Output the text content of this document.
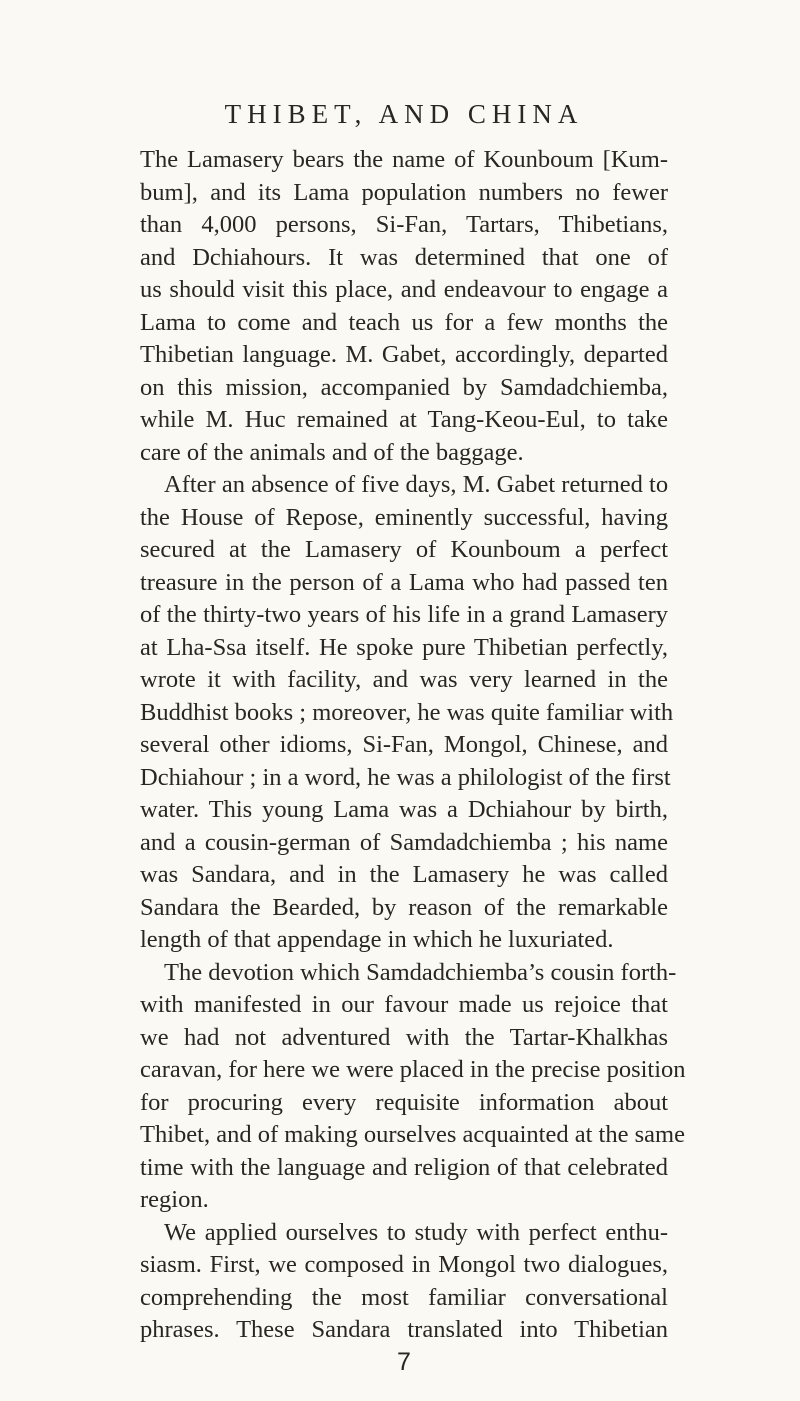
THIBET, AND CHINA
The Lamasery bears the name of Kounboum [Kum-
bum], and its Lama population numbers no fewer
than 4,000 persons, Si-Fan, Tartars, Thibetians,
and Dchiahours. It was determined that one of
us should visit this place, and endeavour to engage a
Lama to come and teach us for a few months the
Thibetian language. M. Gabet, accordingly, departed
on this mission, accompanied by Samdadchiemba,
while M. Huc remained at Tang-Keou-Eul, to take
care of the animals and of the baggage.
After an absence of five days, M. Gabet returned to
the House of Repose, eminently successful, having
secured at the Lamasery of Kounboum a perfect
treasure in the person of a Lama who had passed ten
of the thirty-two years of his life in a grand Lamasery
at Lha-Ssa itself. He spoke pure Thibetian perfectly,
wrote it with facility, and was very learned in the
Buddhist books ; moreover, he was quite familiar with
several other idioms, Si-Fan, Mongol, Chinese, and
Dchiahour ; in a word, he was a philologist of the first
water. This young Lama was a Dchiahour by birth,
and a cousin-german of Samdadchiemba ; his name
was Sandara, and in the Lamasery he was called
Sandara the Bearded, by reason of the remarkable
length of that appendage in which he luxuriated.
The devotion which Samdadchiemba’s cousin forth-
with manifested in our favour made us rejoice that
we had not adventured with the Tartar-Khalkhas
caravan, for here we were placed in the precise position
for procuring every requisite information about
Thibet, and of making ourselves acquainted at the same
time with the language and religion of that celebrated
region.
We applied ourselves to study with perfect enthu-
siasm. First, we composed in Mongol two dialogues,
comprehending the most familiar conversational
phrases. These Sandara translated into Thibetian
7
